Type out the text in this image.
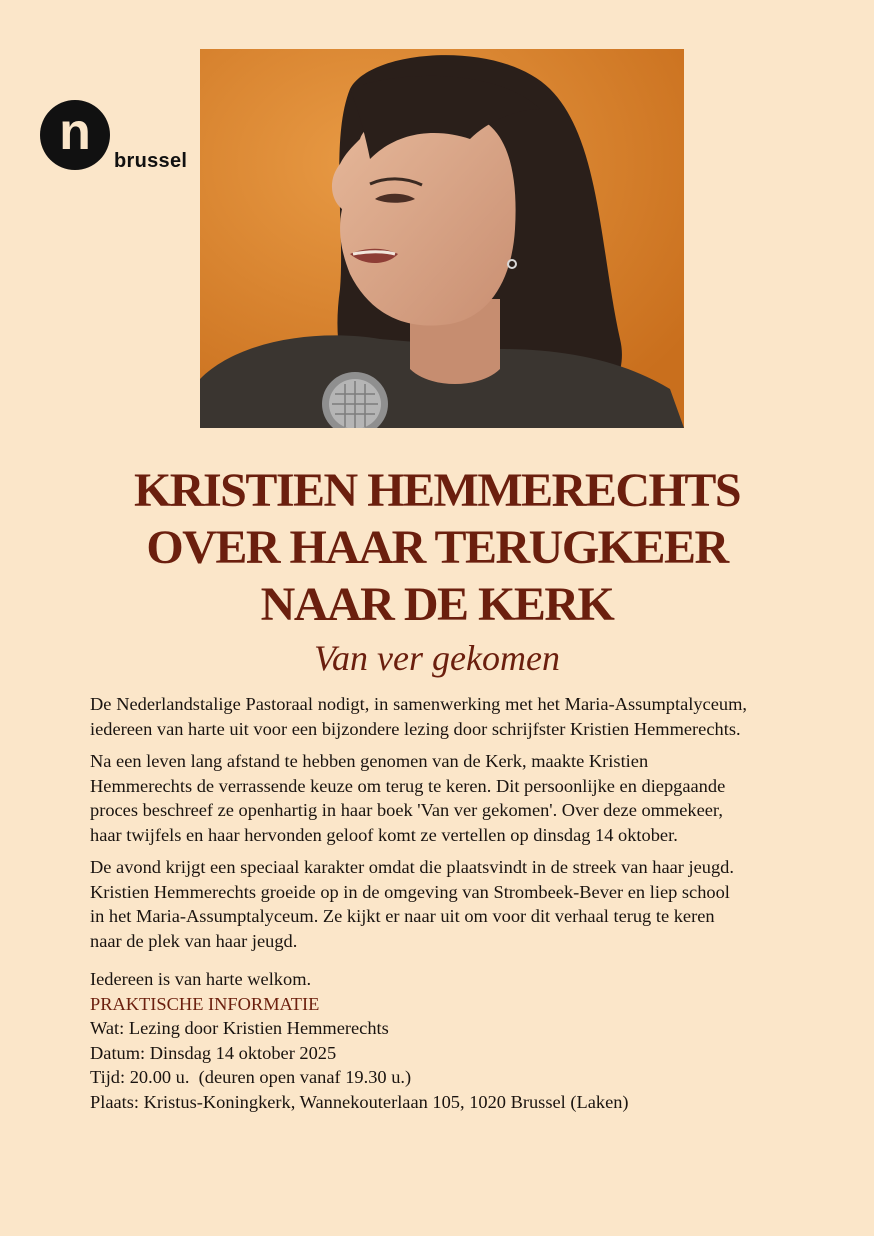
n	brussel
KRISTIEN HEMMERECHTS
OVER HAAR TERUGKEER
NAAR DE KERK
Van ver gekomen

De Nederlandstalige Pastoraal nodigt, in samenwerking met het Maria-Assumptalyceum, iedereen van harte uit voor een bijzondere lezing door schrijfster Kristien Hemmerechts.

Na een leven lang afstand te hebben genomen van de Kerk, maakte Kristien Hemmerechts de verrassende keuze om terug te keren. Dit persoonlijke en diepgaande proces beschreef ze openhartig in haar boek 'Van ver gekomen'. Over deze ommekeer, haar twijfels en haar hervonden geloof komt ze vertellen op dinsdag 14 oktober.

De avond krijgt een speciaal karakter omdat die plaatsvindt in de streek van haar jeugd. Kristien Hemmerechts groeide op in de omgeving van Strombeek-Bever en liep school in het Maria-Assumptalyceum. Ze kijkt er naar uit om voor dit verhaal terug te keren naar de plek van haar jeugd.

Iedereen is van harte welkom.
PRAKTISCHE INFORMATIE
Wat: Lezing door Kristien Hemmerechts
Datum: Dinsdag 14 oktober 2025
Tijd: 20.00 u.  (deuren open vanaf 19.30 u.)
Plaats: Kristus-Koningkerk, Wannekouterlaan 105, 1020 Brussel (Laken)
